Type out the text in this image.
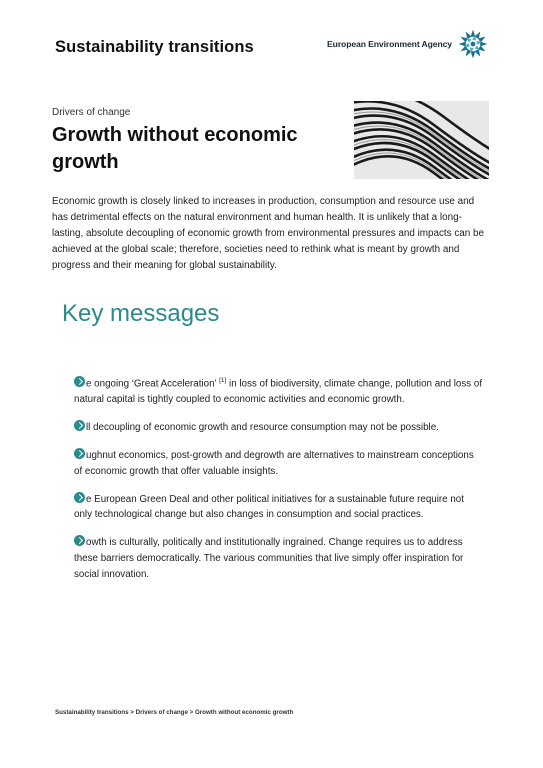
Sustainability transitions	European Environment Agency
Drivers of change
Growth without economic growth
Economic growth is closely linked to increases in production, consumption and resource use and has detrimental effects on the natural environment and human health. It is unlikely that a long-lasting, absolute decoupling of economic growth from environmental pressures and impacts can be achieved at the global scale; therefore, societies need to rethink what is meant by growth and progress and their meaning for global sustainability.
Key messages
e ongoing ‘Great Acceleration’ [1] in loss of biodiversity, climate change, pollution and loss of natural capital is tightly coupled to economic activities and economic growth.
ll decoupling of economic growth and resource consumption may not be possible.
ughnut economics, post-growth and degrowth are alternatives to mainstream conceptions of economic growth that offer valuable insights.
e European Green Deal and other political initiatives for a sustainable future require not only technological change but also changes in consumption and social practices.
owth is culturally, politically and institutionally ingrained. Change requires us to address these barriers democratically. The various communities that live simply offer inspiration for social innovation.
Sustainability transitions > Drivers of change > Growth without economic growth
